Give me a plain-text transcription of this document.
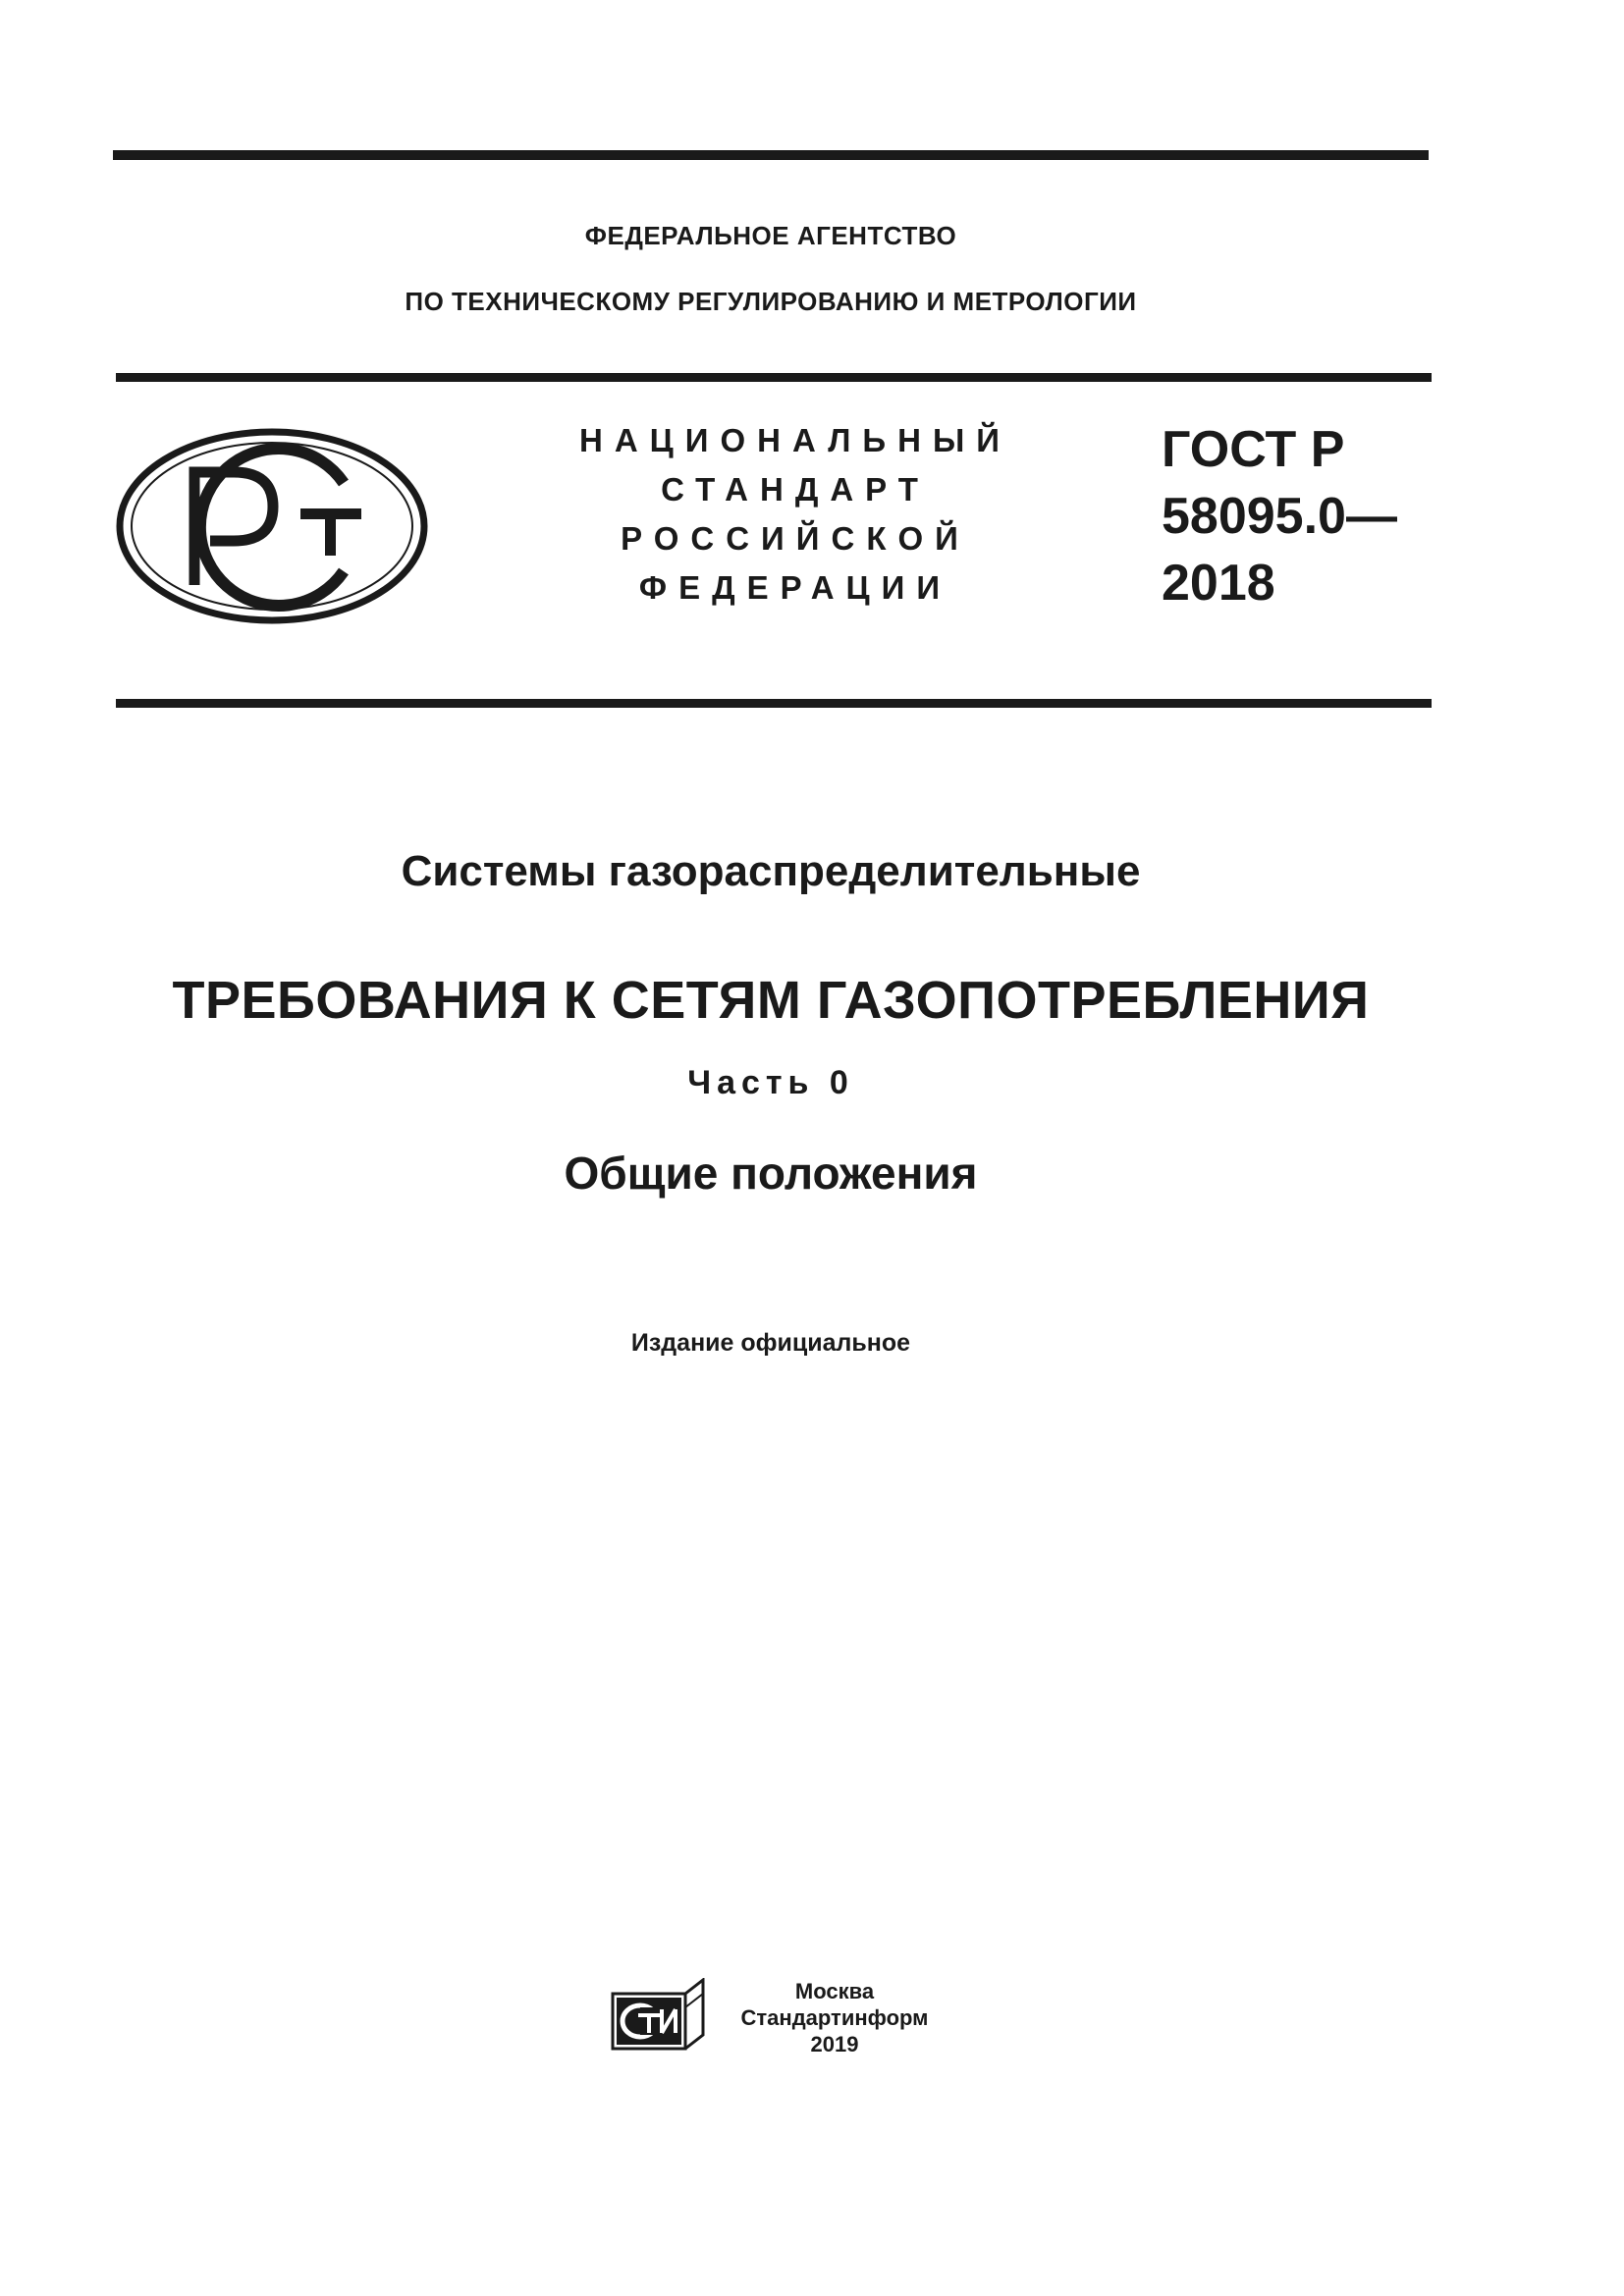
ФЕДЕРАЛЬНОЕ АГЕНТСТВО
ПО ТЕХНИЧЕСКОМУ РЕГУЛИРОВАНИЮ И МЕТРОЛОГИИ
НАЦИОНАЛЬНЫЙ
СТАНДАРТ
РОССИЙСКОЙ
ФЕДЕРАЦИИ
ГОСТ Р
58095.0—
2018
Системы газораспределительные
ТРЕБОВАНИЯ К СЕТЯМ ГАЗОПОТРЕБЛЕНИЯ
Часть 0
Общие положения
Издание официальное
Москва
Стандартинформ
2019
